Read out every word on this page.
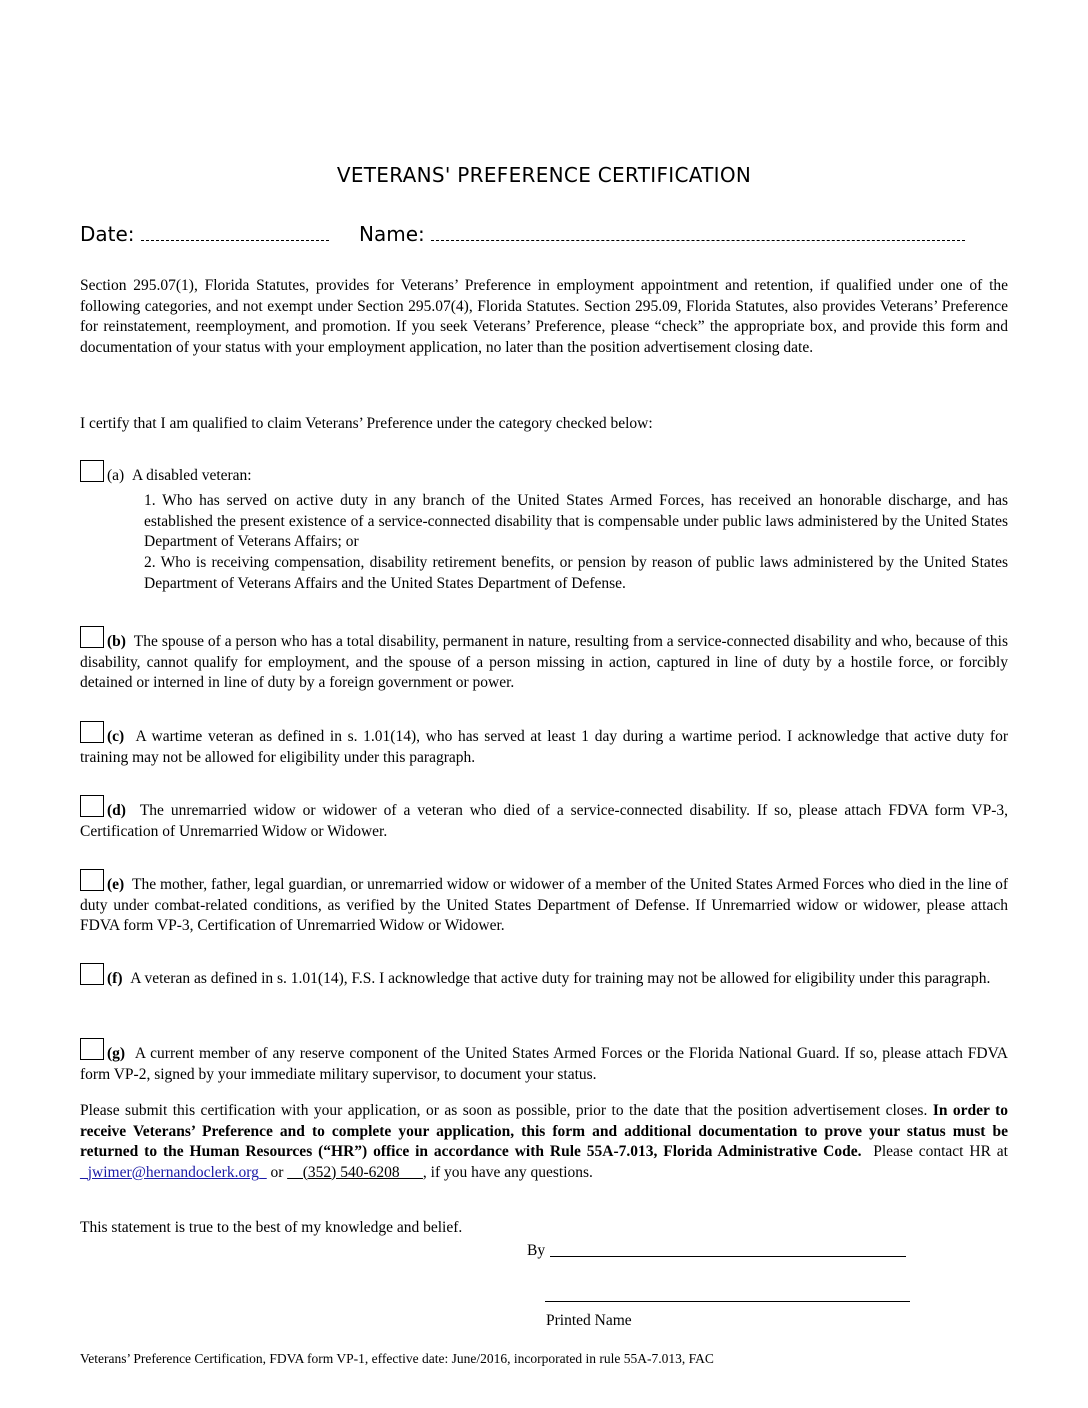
VETERANS' PREFERENCE CERTIFICATION
Date:	Name:
Section 295.07(1), Florida Statutes, provides for Veterans’ Preference in employment appointment and retention, if qualified under one of the following categories, and not exempt under Section 295.07(4), Florida Statutes. Section 295.09, Florida Statutes, also provides Veterans’ Preference for reinstatement, reemployment, and promotion. If you seek Veterans’ Preference, please “check” the appropriate box, and provide this form and documentation of your status with your employment application, no later than the position advertisement closing date.
I certify that I am qualified to claim Veterans’ Preference under the category checked below:
(a) A disabled veteran:
1. Who has served on active duty in any branch of the United States Armed Forces, has received an honorable discharge, and has established the present existence of a service-connected disability that is compensable under public laws administered by the United States Department of Veterans Affairs; or
2. Who is receiving compensation, disability retirement benefits, or pension by reason of public laws administered by the United States Department of Veterans Affairs and the United States Department of Defense.
(b) The spouse of a person who has a total disability, permanent in nature, resulting from a service-connected disability and who, because of this disability, cannot qualify for employment, and the spouse of a person missing in action, captured in line of duty by a hostile force, or forcibly detained or interned in line of duty by a foreign government or power.
(c) A wartime veteran as defined in s. 1.01(14), who has served at least 1 day during a wartime period. I acknowledge that active duty for training may not be allowed for eligibility under this paragraph.
(d) The unremarried widow or widower of a veteran who died of a service-connected disability. If so, please attach FDVA form VP-3, Certification of Unremarried Widow or Widower.
(e) The mother, father, legal guardian, or unremarried widow or widower of a member of the United States Armed Forces who died in the line of duty under combat-related conditions, as verified by the United States Department of Defense. If Unremarried widow or widower, please attach FDVA form VP-3, Certification of Unremarried Widow or Widower.
(f) A veteran as defined in s. 1.01(14), F.S. I acknowledge that active duty for training may not be allowed for eligibility under this paragraph.
(g) A current member of any reserve component of the United States Armed Forces or the Florida National Guard. If so, please attach FDVA form VP-2, signed by your immediate military supervisor, to document your status.
Please submit this certification with your application, or as soon as possible, prior to the date that the position advertisement closes. In order to receive Veterans’ Preference and to complete your application, this form and additional documentation to prove your status must be returned to the Human Resources (“HR”) office in accordance with Rule 55A-7.013, Florida Administrative Code. Please contact HR at _jwimer@hernandoclerk.org_ or __(352) 540-6208___, if you have any questions.
This statement is true to the best of my knowledge and belief.
By
Printed Name
Veterans’ Preference Certification, FDVA form VP-1, effective date: June/2016, incorporated in rule 55A-7.013, FAC
